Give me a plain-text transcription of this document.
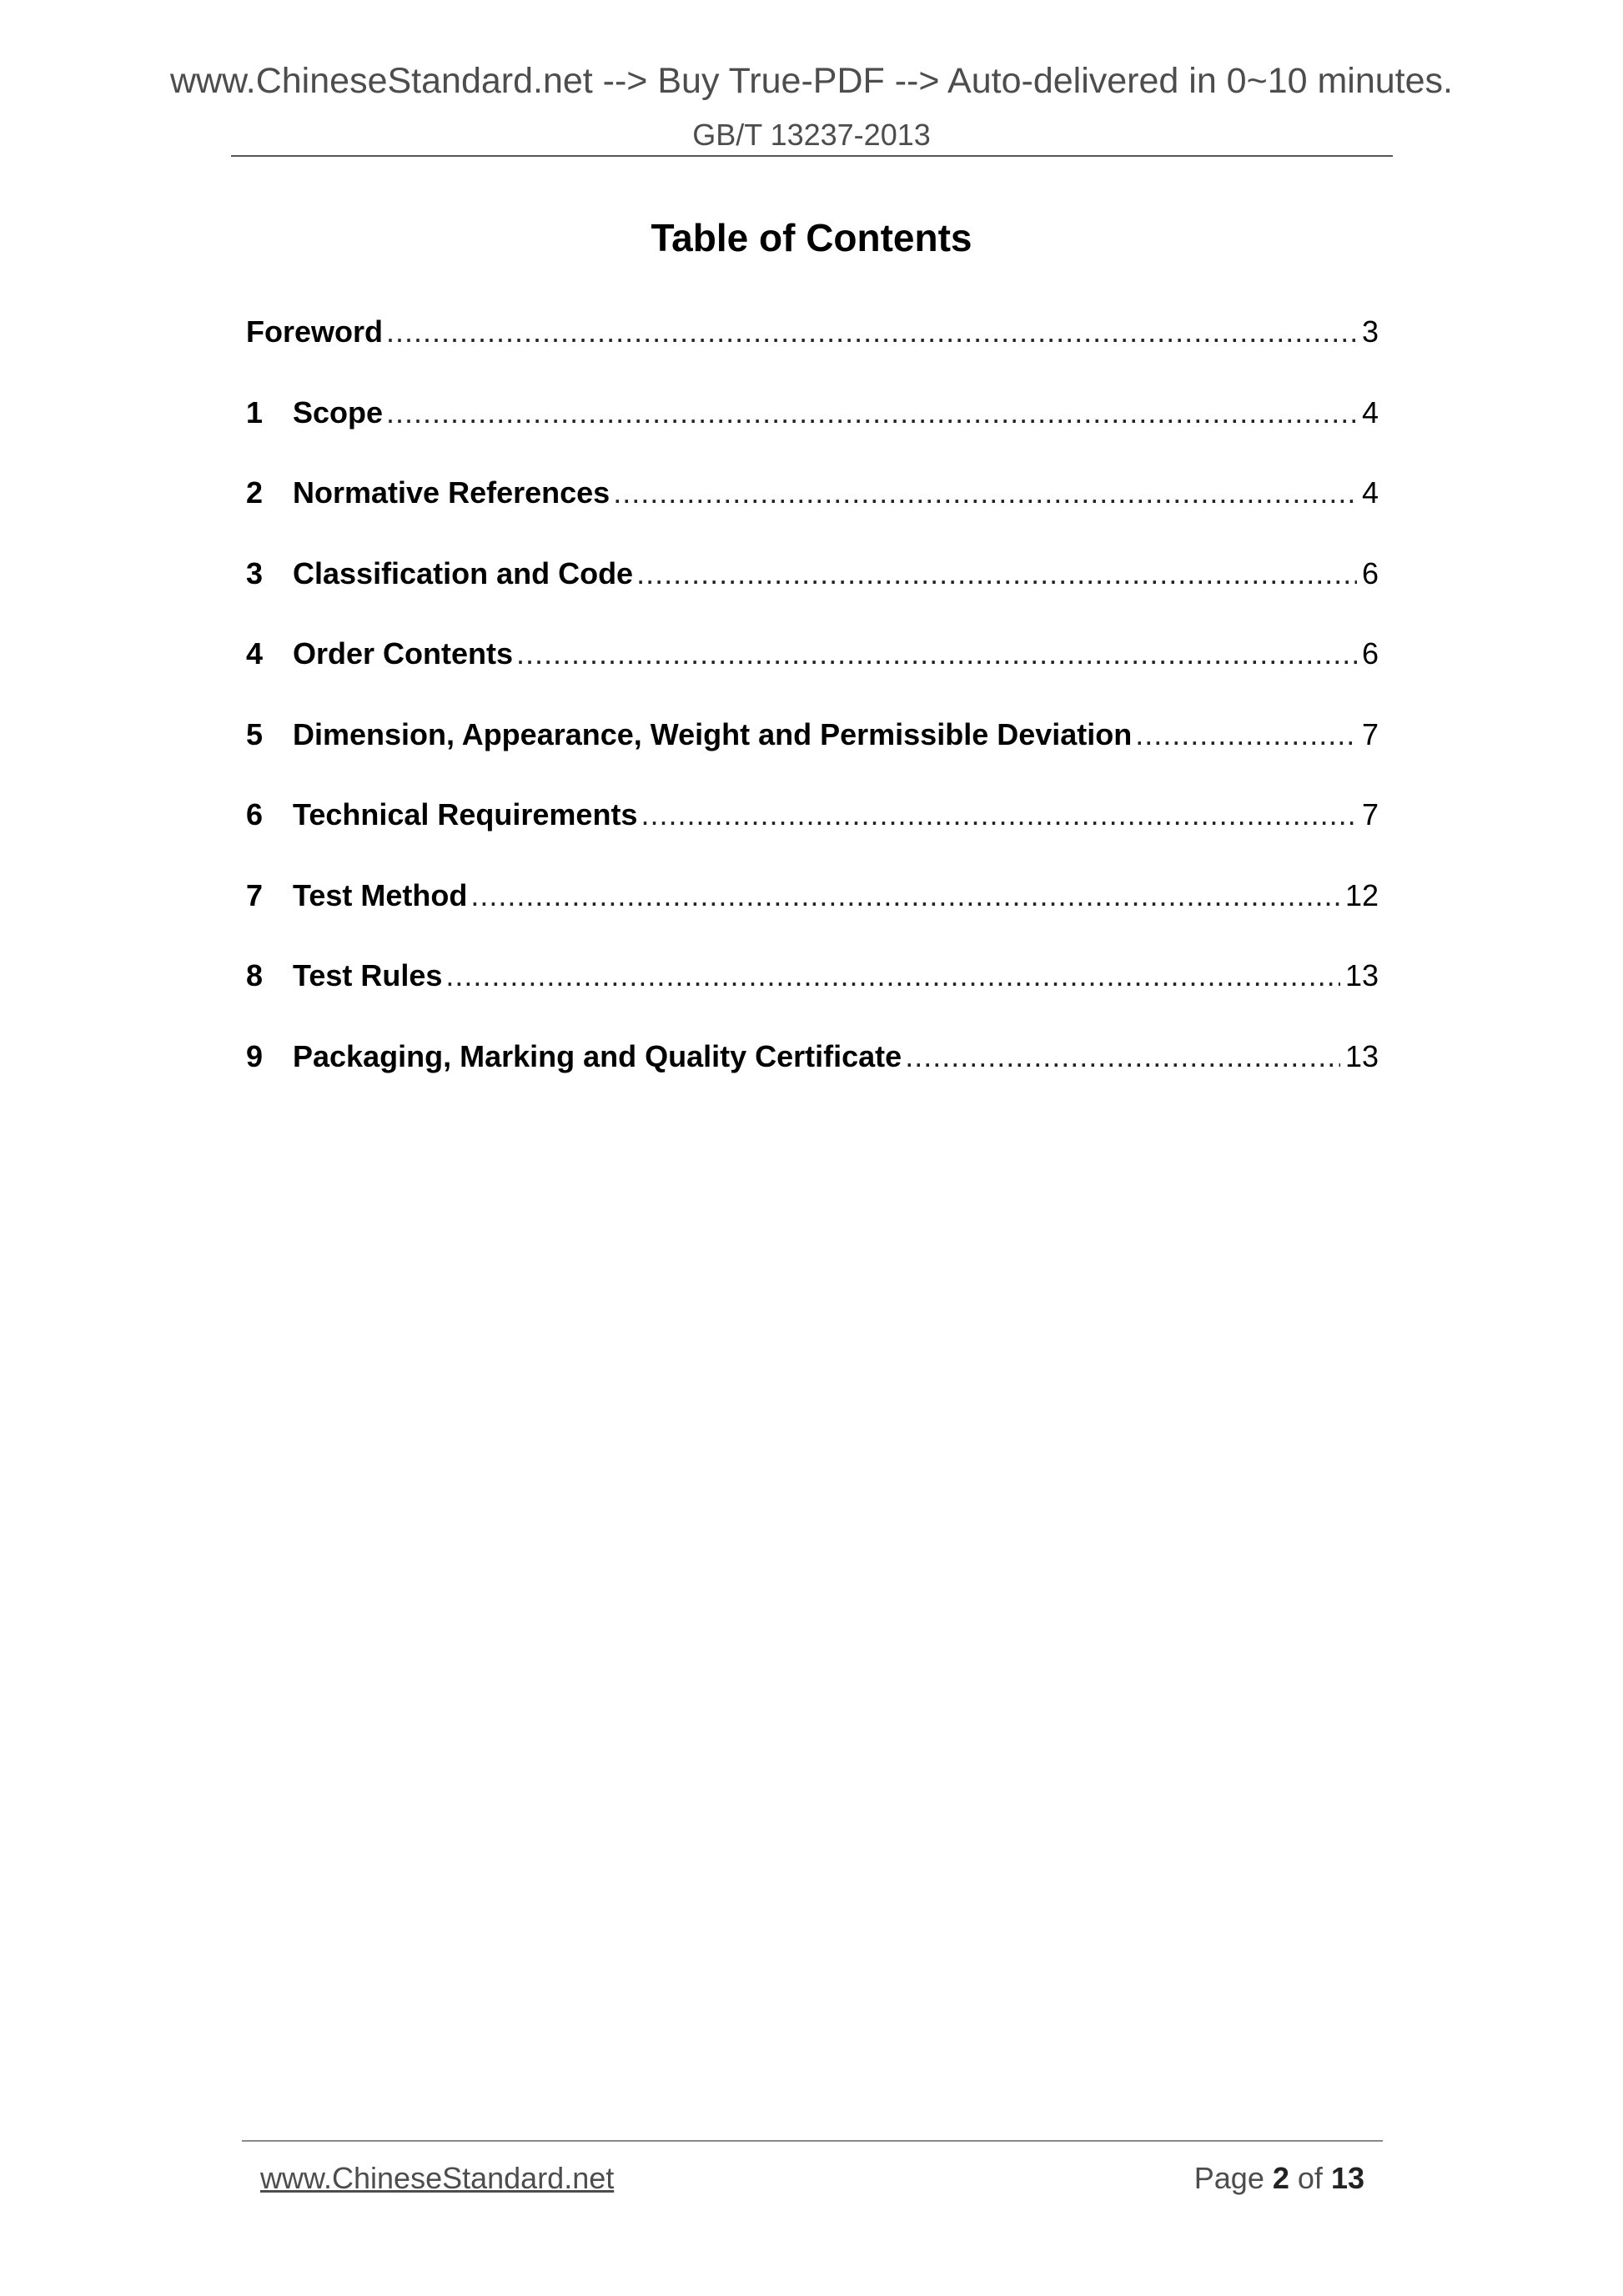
www.ChineseStandard.net --> Buy True-PDF --> Auto-delivered in 0~10 minutes.
GB/T 13237-2013
Table of Contents
Foreword .....	3
1 Scope .....	4
2 Normative References .....	4
3 Classification and Code .....	6
4 Order Contents .....	6
5 Dimension, Appearance, Weight and Permissible Deviation .....	7
6 Technical Requirements .....	7
7 Test Method .....	12
8 Test Rules .....	13
9 Packaging, Marking and Quality Certificate .....	13
www.ChineseStandard.net	Page 2 of 13
